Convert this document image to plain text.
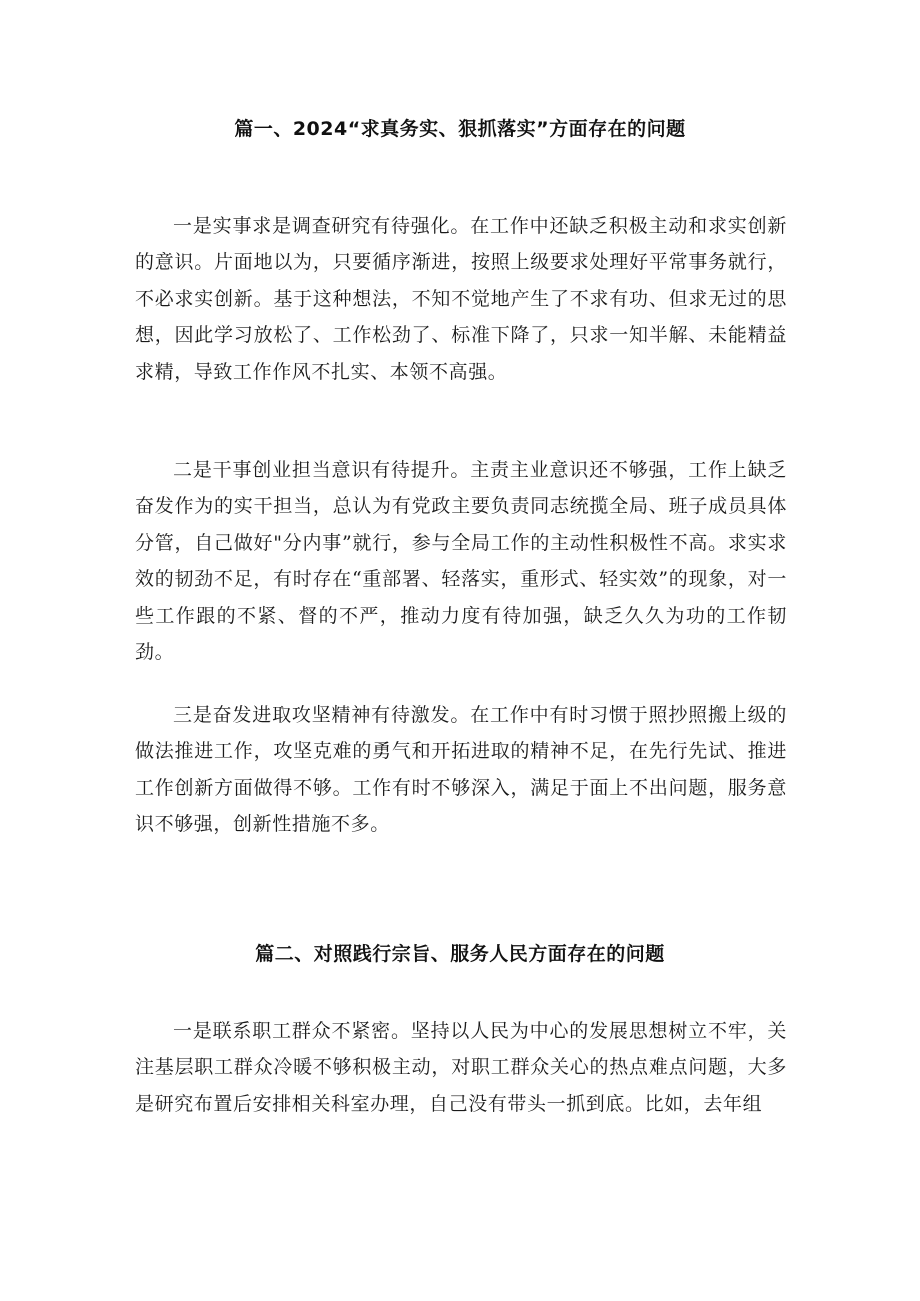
篇一、2024“求真务实、狠抓落实”方面存在的问题

一是实事求是调查研究有待强化。在工作中还缺乏积极主动和求实创新的意识。片面地以为，只要循序渐进，按照上级要求处理好平常事务就行，不必求实创新。基于这种想法，不知不觉地产生了不求有功、但求无过的思想，因此学习放松了、工作松劲了、标准下降了，只求一知半解、未能精益求精，导致工作作风不扎实、本领不高强。

二是干事创业担当意识有待提升。主责主业意识还不够强，工作上缺乏奋发作为的实干担当，总认为有党政主要负责同志统揽全局、班子成员具体分管，自己做好"分内事”就行，参与全局工作的主动性积极性不高。求实求效的韧劲不足，有时存在“重部署、轻落实，重形式、轻实效”的现象，对一些工作跟的不紧、督的不严，推动力度有待加强，缺乏久久为功的工作韧劲。

三是奋发进取攻坚精神有待激发。在工作中有时习惯于照抄照搬上级的做法推进工作，攻坚克难的勇气和开拓进取的精神不足，在先行先试、推进工作创新方面做得不够。工作有时不够深入，满足于面上不出问题，服务意识不够强，创新性措施不多。

篇二、对照践行宗旨、服务人民方面存在的问题

一是联系职工群众不紧密。坚持以人民为中心的发展思想树立不牢，关注基层职工群众冷暖不够积极主动，对职工群众关心的热点难点问题，大多是研究布置后安排相关科室办理，自己没有带头一抓到底。比如，去年组
